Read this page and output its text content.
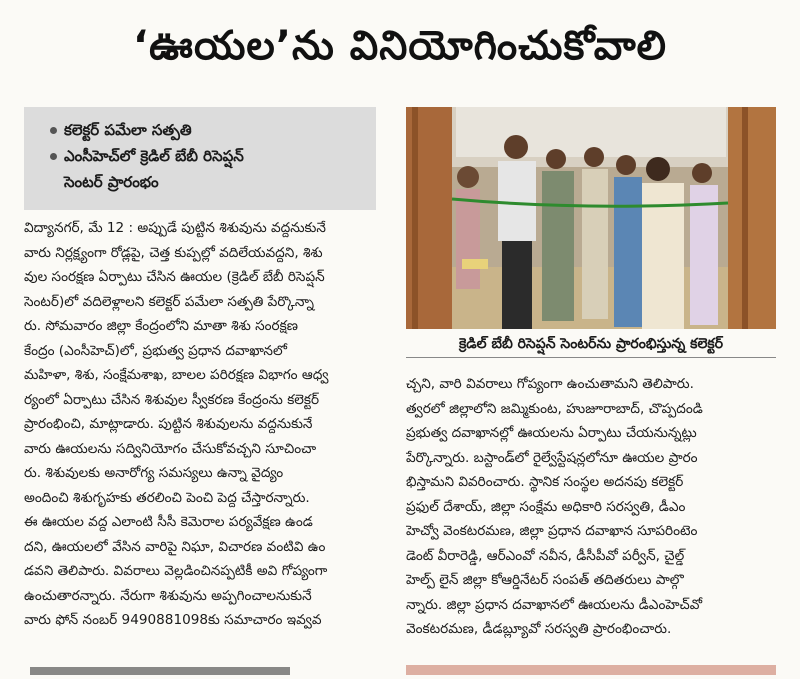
‘ఊయల’ను వినియోగించుకోవాలి
కలెక్టర్ పమేలా సత్పతి
ఎంసీహెచ్‌లో క్రెడిల్ బేబీ రిసెప్షన్
సెంటర్ ప్రారంభం
విద్యానగర్, మే 12 : అప్పుడే పుట్టిన శిశువును వద్దనుకునే
వారు నిర్లక్ష్యంగా రోడ్లపై, చెత్త కుప్పల్లో వదిలేయవద్దని, శిశు
వుల సంరక్షణ ఏర్పాటు చేసిన ఊయల (క్రెడిల్ బేబీ రిసెప్షన్
సెంటర్)లో వదిలెళ్లాలని కలెక్టర్ పమేలా సత్పతి పేర్కొన్నా
రు. సోమవారం జిల్లా కేంద్రంలోని మాతా శిశు సంరక్షణ
కేంద్రం (ఎంసీహెచ్)లో, ప్రభుత్వ ప్రధాన దవాఖానలో
మహిళా, శిశు, సంక్షేమశాఖ, బాలల పరిరక్షణ విభాగం ఆధ్వ
ర్యంలో ఏర్పాటు చేసిన శిశువుల స్వీకరణ కేంద్రంను కలెక్టర్
ప్రారంభించి, మాట్లాడారు. పుట్టిన శిశువులను వద్దనుకునే
వారు ఊయలను సద్వినియోగం చేసుకోవచ్చని సూచించా
రు. శిశువులకు అనారోగ్య సమస్యలు ఉన్నా వైద్యం
అందించి శిశుగృహకు తరలించి పెంచి పెద్ద చేస్తారన్నారు.
ఈ ఊయల వద్ద ఎలాంటి సీసీ కెమెరాల పర్యవేక్షణ ఉండ
దని, ఊయలలో వేసిన వారిపై నిఘా, విచారణ వంటివి ఉం
డవని తెలిపారు. వివరాలు వెల్లడించినప్పటికీ అవి గోప్యంగా
ఉంచుతారన్నారు. నేరుగా శిశువును అప్పగించాలనుకునే
వారు ఫోన్ నంబర్ 9490881098కు సమాచారం ఇవ్వవ
క్రెడిల్ బేబీ రిసెప్షన్ సెంటర్‌ను ప్రారంభిస్తున్న కలెక్టర్
చ్చని, వారి వివరాలు గోప్యంగా ఉంచుతామని తెలిపారు.
త్వరలో జిల్లాలోని జమ్మికుంట, హుజూరాబాద్, చొప్పదండి
ప్రభుత్వ దవాఖానల్లో ఊయలను ఏర్పాటు చేయనున్నట్లు
పేర్కొన్నారు. బస్టాండ్‌లో రైల్వేస్టేషన్లలోనూ ఊయల ప్రారం
భిస్తామని వివరించారు. స్థానిక సంస్థల అదనపు కలెక్టర్
ప్రఫుల్ దేశాయ్, జిల్లా సంక్షేమ అధికారి సరస్వతి, డీఎం
హెచ్వో వెంకటరమణ, జిల్లా ప్రధాన దవాఖాన సూపరింటెం
డెంట్ వీరారెడ్డి, ఆర్‌ఎంవో నవీన, డీసీపీవో పర్వీన్, చైల్డ్
హెల్ప్ లైన్ జిల్లా కోఆర్డినేటర్ సంపత్ తదితరులు పాల్గొ
న్నారు. జిల్లా ప్రధాన దవాఖానలో ఊయలను డీఎంహెచ్‌వో
వెంకటరమణ, డీడబ్ల్యూవో సరస్వతి ప్రారంభించారు.
